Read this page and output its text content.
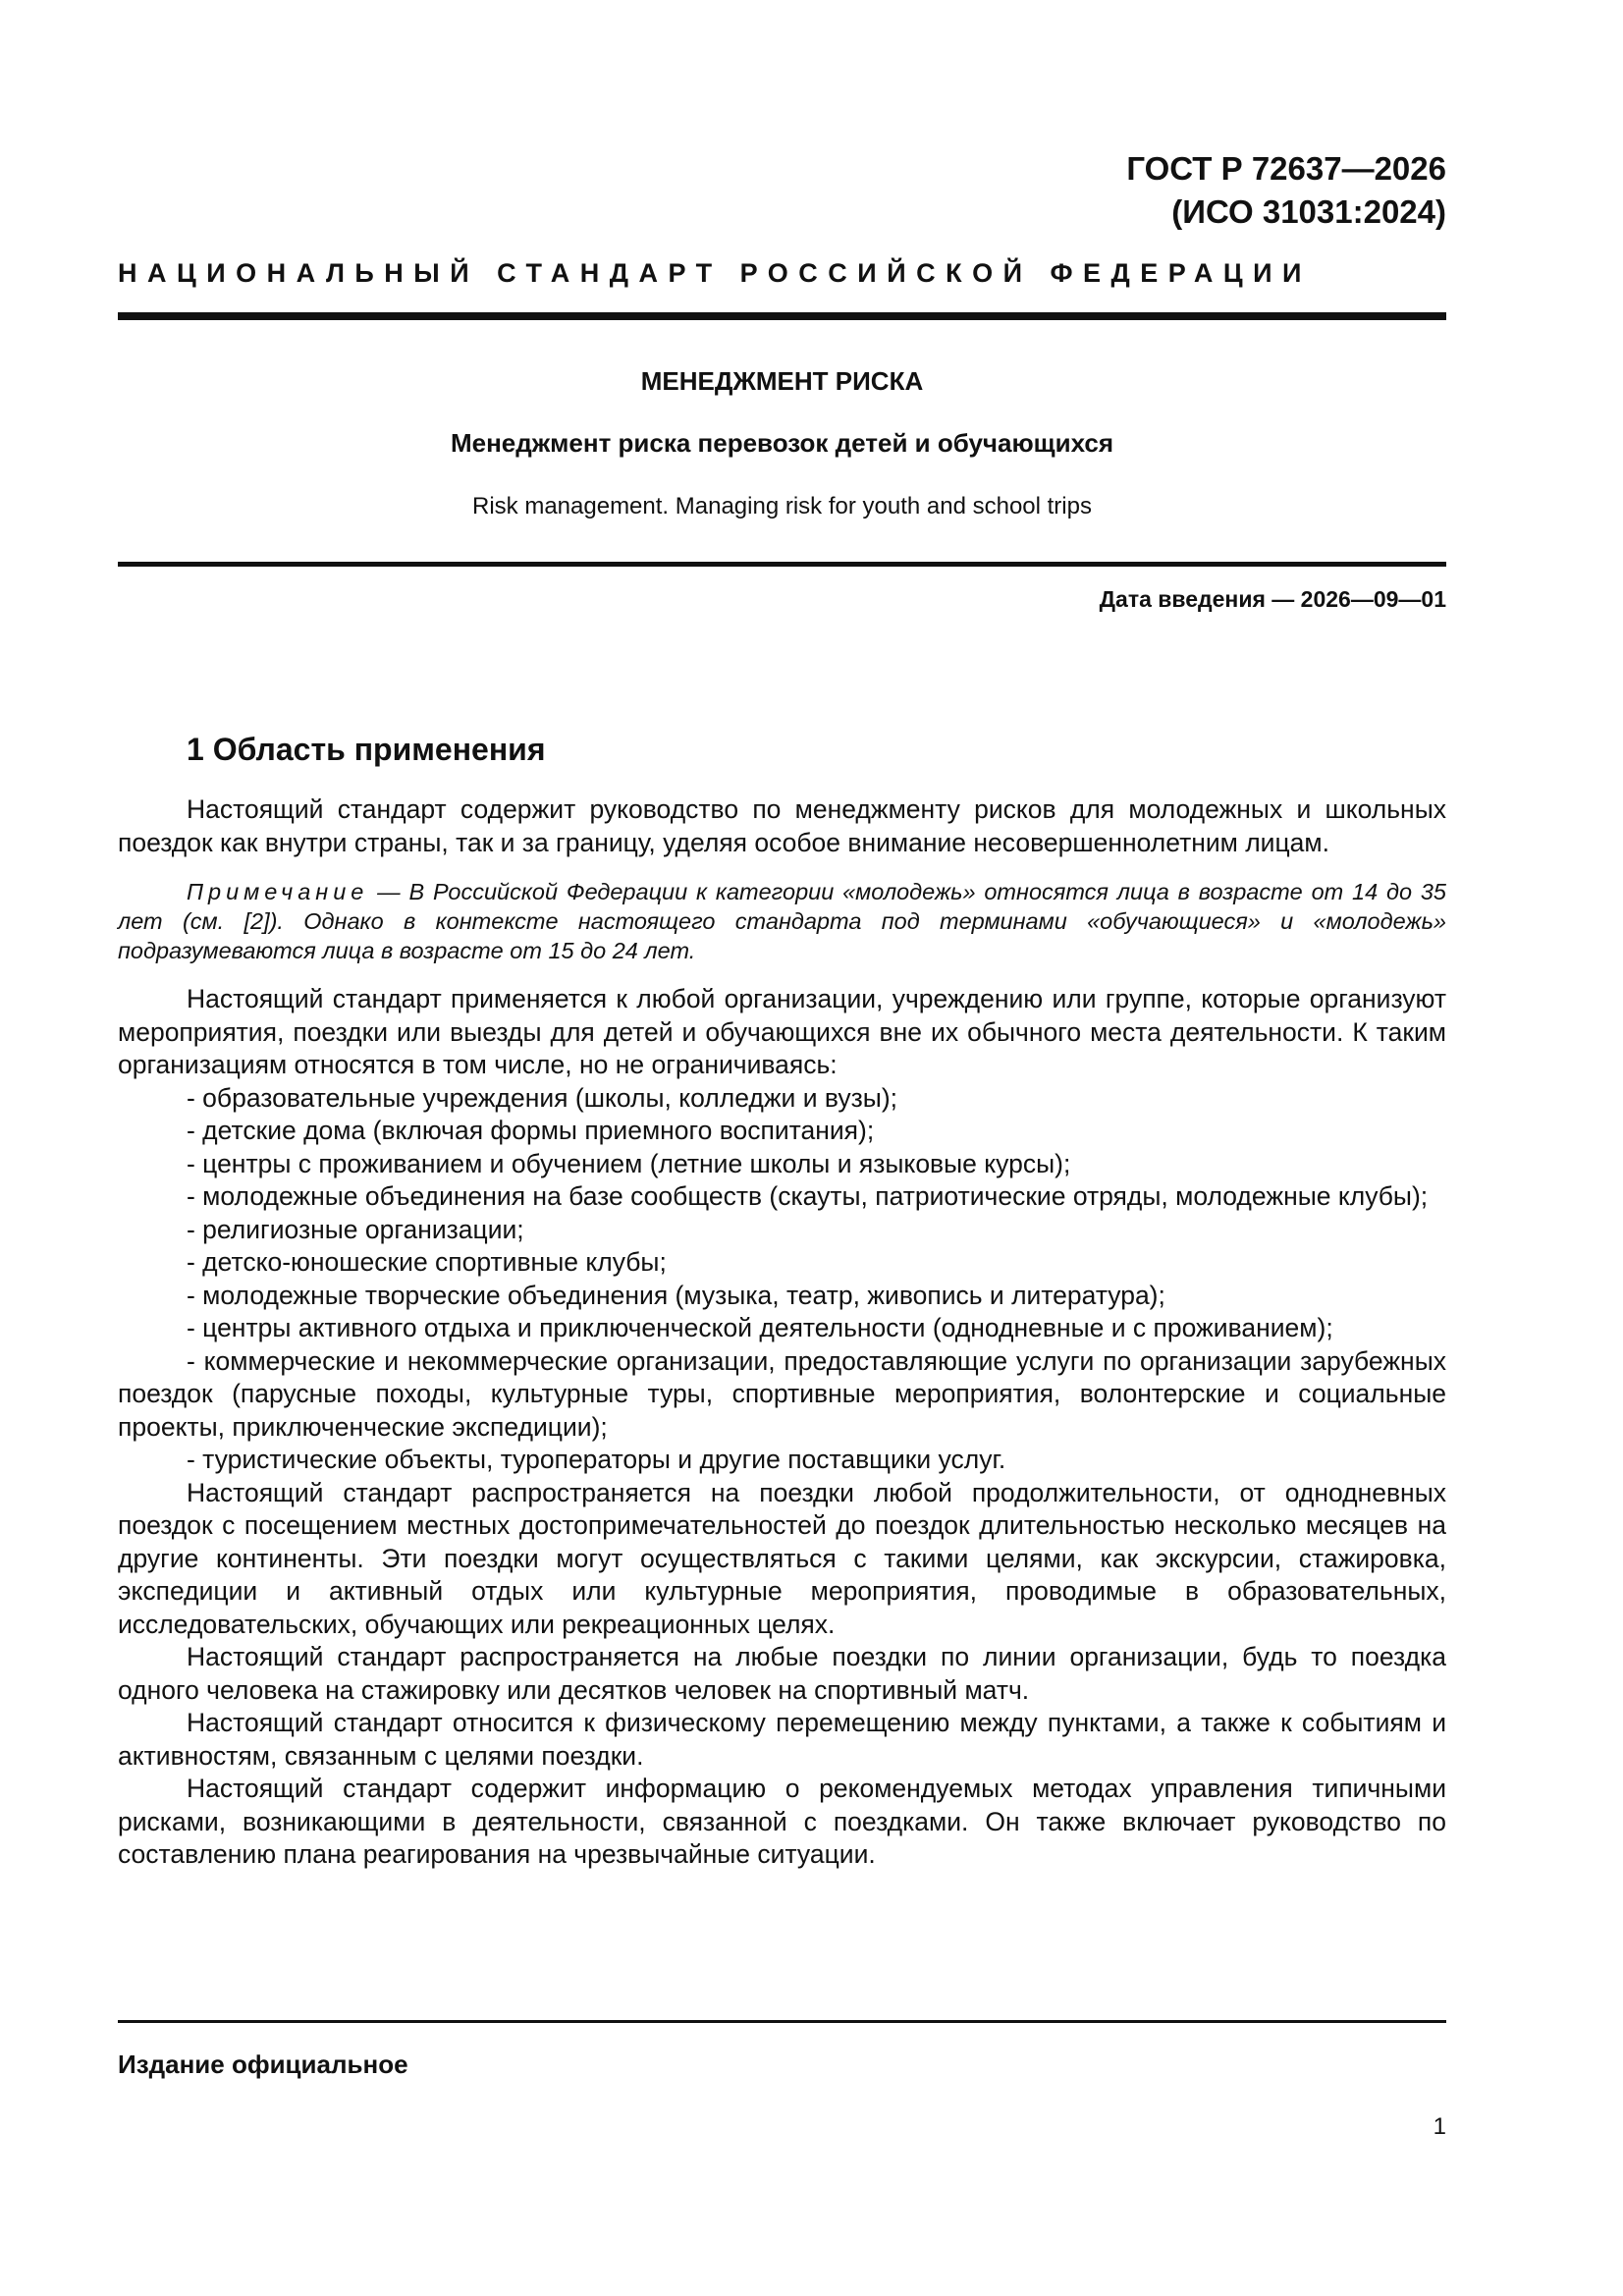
ГОСТ Р 72637—2026
(ИСО 31031:2024)
НАЦИОНАЛЬНЫЙ СТАНДАРТ РОССИЙСКОЙ ФЕДЕРАЦИИ
МЕНЕДЖМЕНТ РИСКА
Менеджмент риска перевозок детей и обучающихся
Risk management. Managing risk for youth and school trips
Дата введения — 2026—09—01
1 Область применения

Настоящий стандарт содержит руководство по менеджменту рисков для молодежных и школьных поездок как внутри страны, так и за границу, уделяя особое внимание несовершеннолетним лицам.

Примечание — В Российской Федерации к категории «молодежь» относятся лица в возрасте от 14 до 35 лет (см. [2]). Однако в контексте настоящего стандарта под терминами «обучающиеся» и «молодежь» подразумеваются лица в возрасте от 15 до 24 лет.

Настоящий стандарт применяется к любой организации, учреждению или группе, которые организуют мероприятия, поездки или выезды для детей и обучающихся вне их обычного места деятельности. К таким организациям относятся в том числе, но не ограничиваясь:

- образовательные учреждения (школы, колледжи и вузы);
- детские дома (включая формы приемного воспитания);
- центры с проживанием и обучением (летние школы и языковые курсы);
- молодежные объединения на базе сообществ (скауты, патриотические отряды, молодежные клубы);
- религиозные организации;
- детско-юношеские спортивные клубы;
- молодежные творческие объединения (музыка, театр, живопись и литература);
- центры активного отдыха и приключенческой деятельности (однодневные и с проживанием);
- коммерческие и некоммерческие организации, предоставляющие услуги по организации зарубежных поездок (парусные походы, культурные туры, спортивные мероприятия, волонтерские и социальные проекты, приключенческие экспедиции);
- туристические объекты, туроператоры и другие поставщики услуг.

Настоящий стандарт распространяется на поездки любой продолжительности, от однодневных поездок с посещением местных достопримечательностей до поездок длительностью несколько месяцев на другие континенты. Эти поездки могут осуществляться с такими целями, как экскурсии, стажировка, экспедиции и активный отдых или культурные мероприятия, проводимые в образовательных, исследовательских, обучающих или рекреационных целях.

Настоящий стандарт распространяется на любые поездки по линии организации, будь то поездка одного человека на стажировку или десятков человек на спортивный матч.

Настоящий стандарт относится к физическому перемещению между пунктами, а также к событиям и активностям, связанным с целями поездки.

Настоящий стандарт содержит информацию о рекомендуемых методах управления типичными рисками, возникающими в деятельности, связанной с поездками. Он также включает руководство по составлению плана реагирования на чрезвычайные ситуации.

Издание официальное
1
